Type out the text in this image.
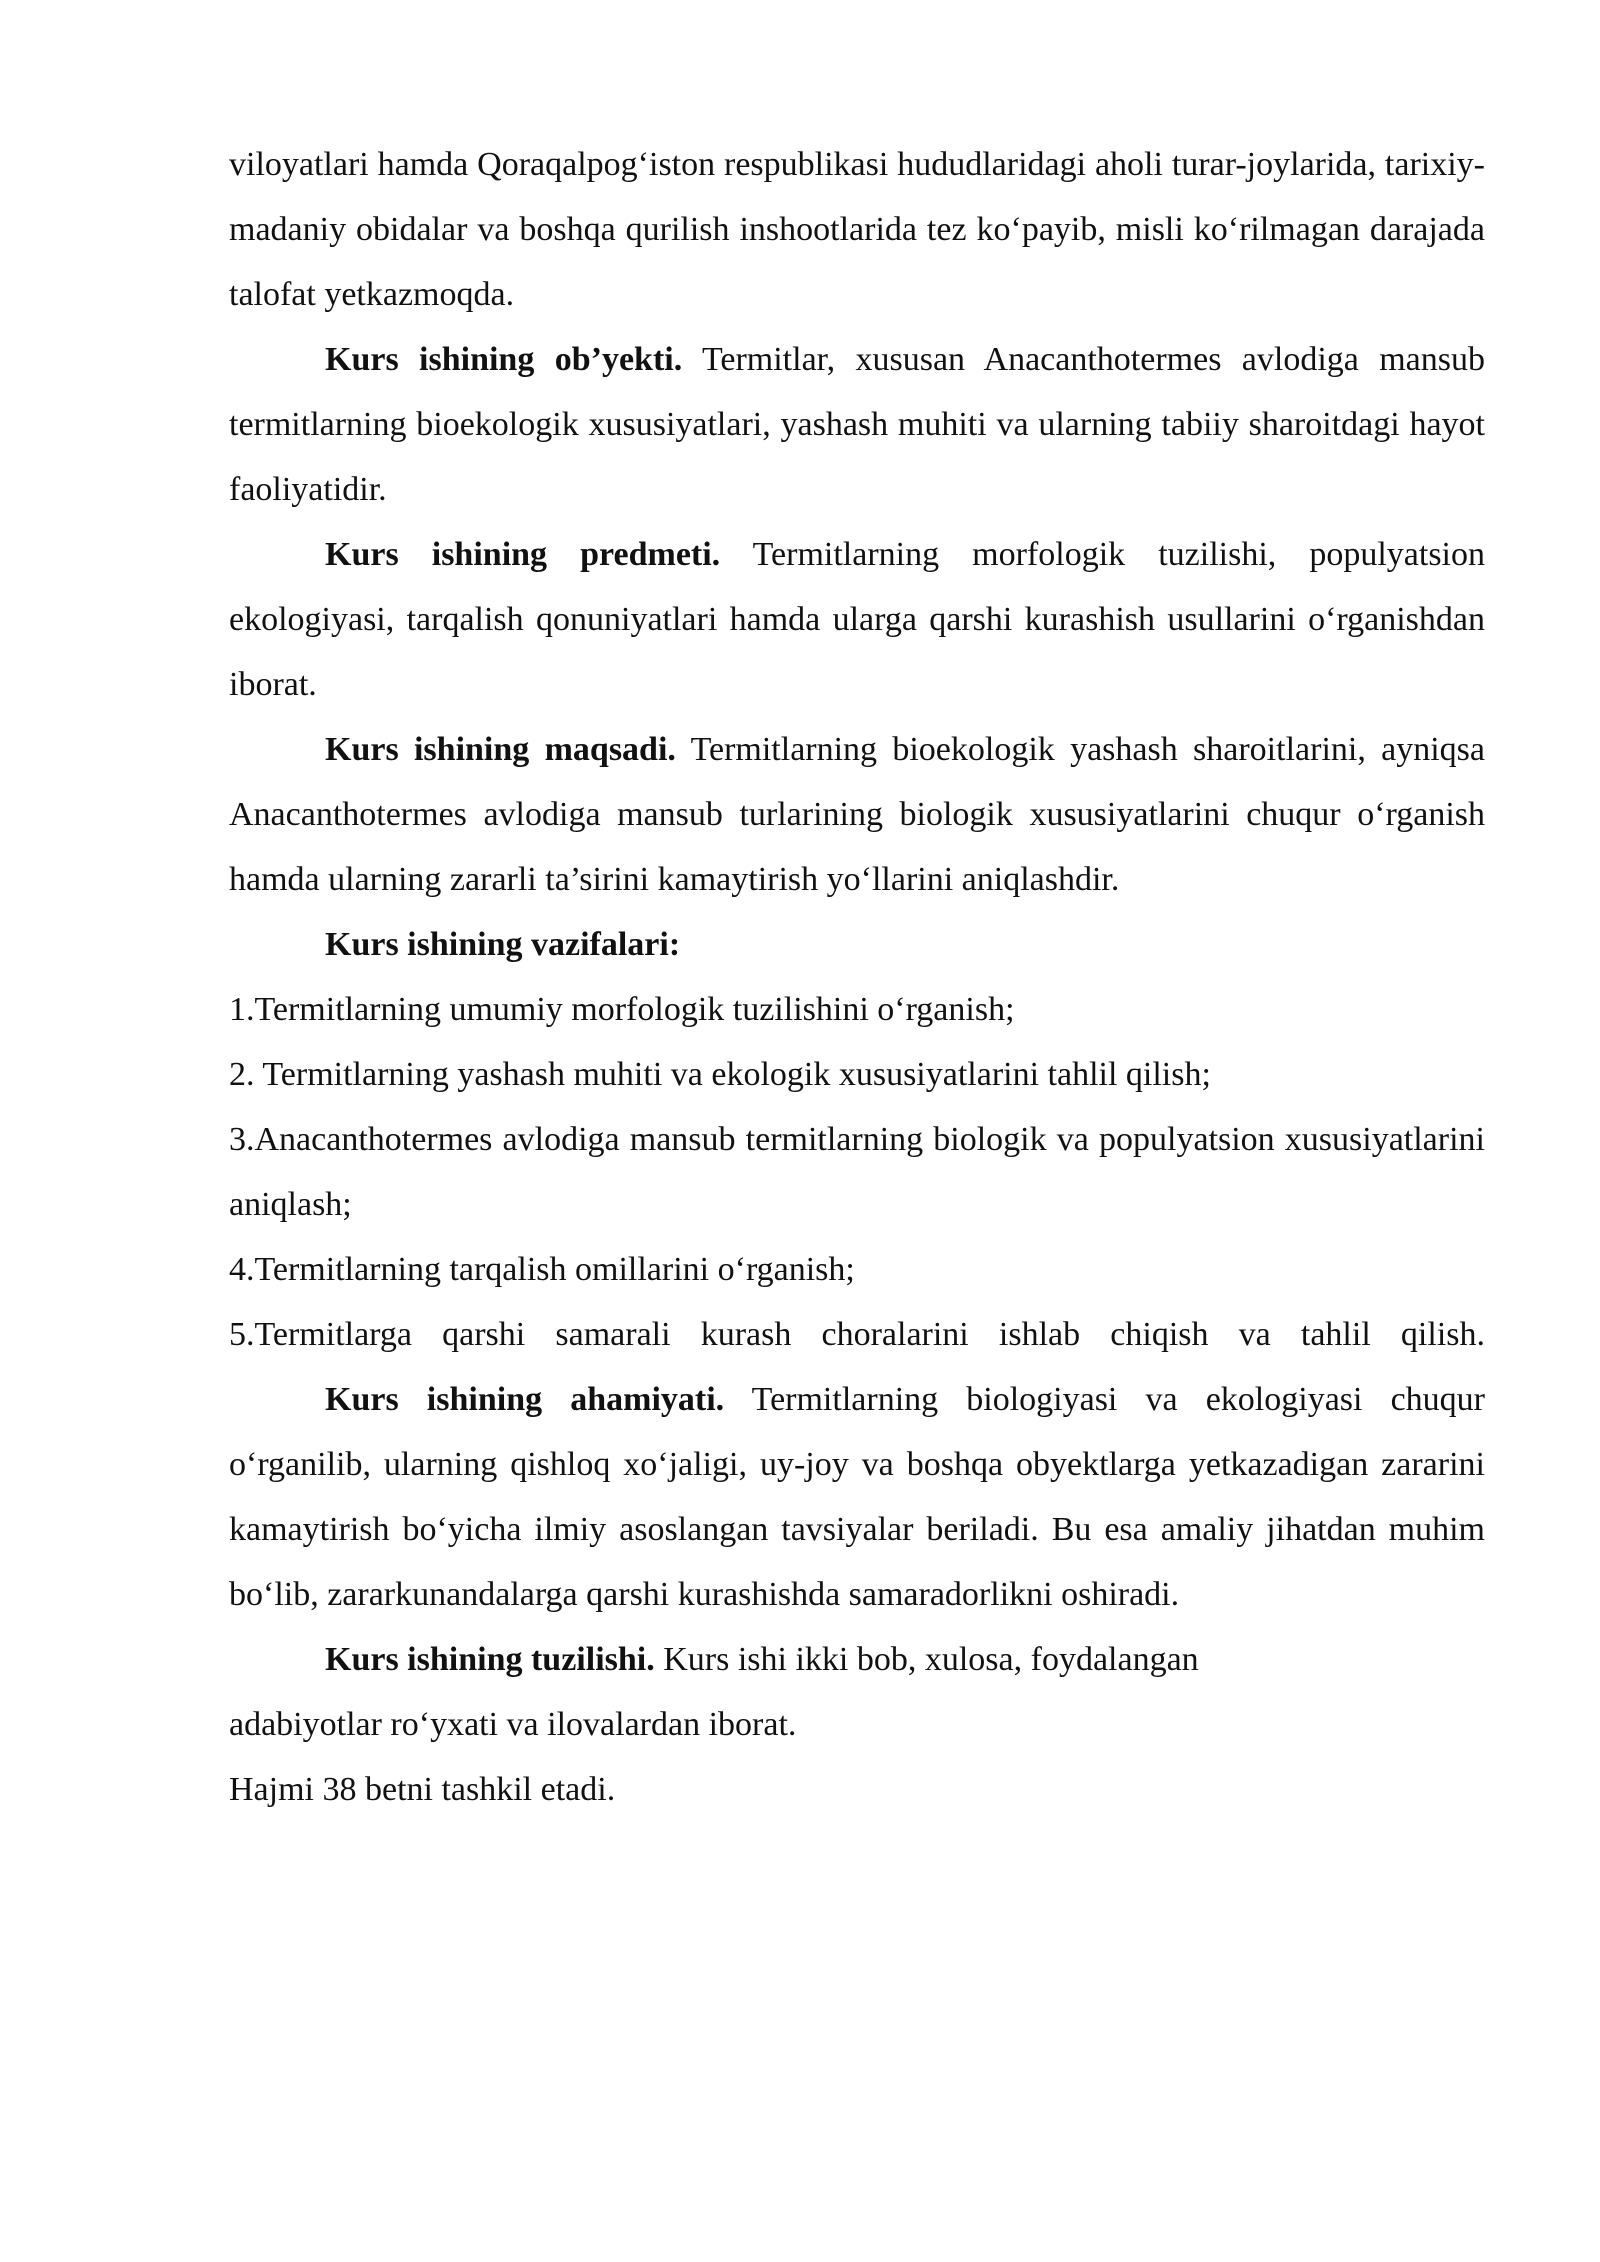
viloyatlari hamda Qoraqalpog‘iston respublikasi hududlaridagi aholi turar-joylarida, tarixiy-madaniy obidalar va boshqa qurilish inshootlarida tez ko‘payib, misli ko‘rilmagan darajada talofat yetkazmoqda.

Kurs ishining ob’yekti. Termitlar, xususan Anacanthotermes avlodiga mansub termitlarning bioekologik xususiyatlari, yashash muhiti va ularning tabiiy sharoitdagi hayot faoliyatidir.

Kurs ishining predmeti. Termitlarning morfologik tuzilishi, populyatsion ekologiyasi, tarqalish qonuniyatlari hamda ularga qarshi kurashish usullarini o‘rganishdan iborat.

Kurs ishining maqsadi. Termitlarning bioekologik yashash sharoitlarini, ayniqsa Anacanthotermes avlodiga mansub turlarining biologik xususiyatlarini chuqur o‘rganish hamda ularning zararli ta’sirini kamaytirish yo‘llarini aniqlashdir.

Kurs ishining vazifalari:

1.Termitlarning umumiy morfologik tuzilishini o‘rganish;

2. Termitlarning yashash muhiti va ekologik xususiyatlarini tahlil qilish;

3.Anacanthotermes avlodiga mansub termitlarning biologik va populyatsion xususiyatlarini aniqlash;

4.Termitlarning tarqalish omillarini o‘rganish;

5.Termitlarga qarshi samarali kurash choralarini ishlab chiqish va tahlil qilish.

Kurs ishining ahamiyati. Termitlarning biologiyasi va ekologiyasi chuqur o‘rganilib, ularning qishloq xo‘jaligi, uy-joy va boshqa obyektlarga yetkazadigan zararini kamaytirish bo‘yicha ilmiy asoslangan tavsiyalar beriladi. Bu esa amaliy jihatdan muhim bo‘lib, zararkunandalarga qarshi kurashishda samaradorlikni oshiradi.

Kurs ishining tuzilishi. Kurs ishi ikki bob, xulosa, foydalangan

adabiyotlar ro‘yxati va ilovalardan iborat.

Hajmi 38 betni tashkil etadi.
